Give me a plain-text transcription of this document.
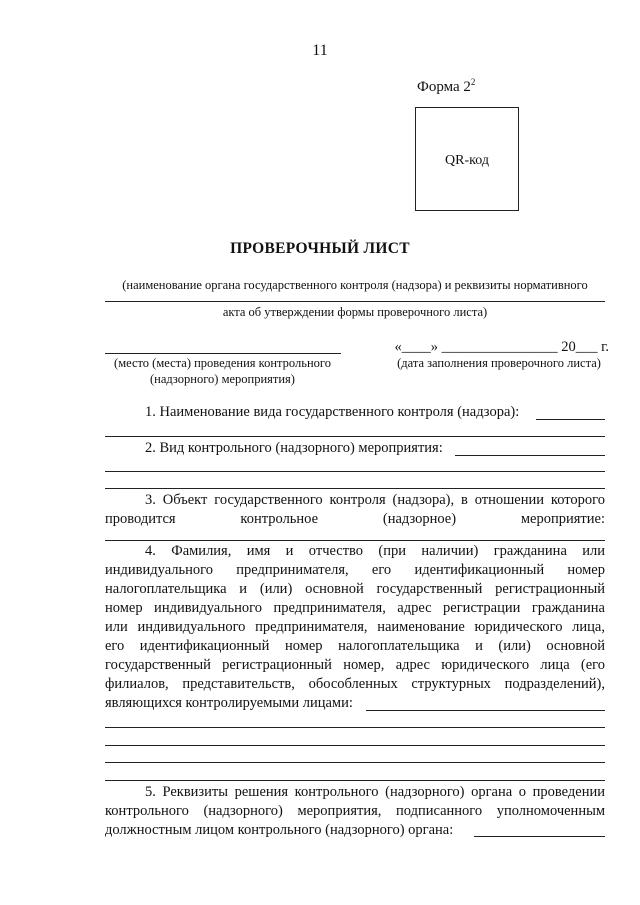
11
Форма $2^2$
QR-код
ПРОВЕРОЧНЫЙ ЛИСТ
(наименование органа государственного контроля (надзора) и реквизиты нормативного
акта об утверждении формы проверочного листа)
«____» ________________ 20___ г.
(место (места) проведения контрольного
(надзорного) мероприятия)
(дата заполнения проверочного листа)
1. Наименование вида государственного контроля (надзора):
2. Вид контрольного (надзорного) мероприятия:
3. Объект государственного контроля (надзора), в отношении которого
проводится контрольное (надзорное) мероприятие:
4. Фамилия, имя и отчество (при наличии) гражданина или
индивидуального предпринимателя, его идентификационный номер
налогоплательщика и (или) основной государственный регистрационный
номер индивидуального предпринимателя, адрес регистрации гражданина
или индивидуального предпринимателя, наименование юридического лица,
его идентификационный номер налогоплательщика и (или) основной
государственный регистрационный номер, адрес юридического лица (его
филиалов, представительств, обособленных структурных подразделений),
являющихся контролируемыми лицами:
5. Реквизиты решения контрольного (надзорного) органа о проведении
контрольного (надзорного) мероприятия, подписанного уполномоченным
должностным лицом контрольного (надзорного) органа:
